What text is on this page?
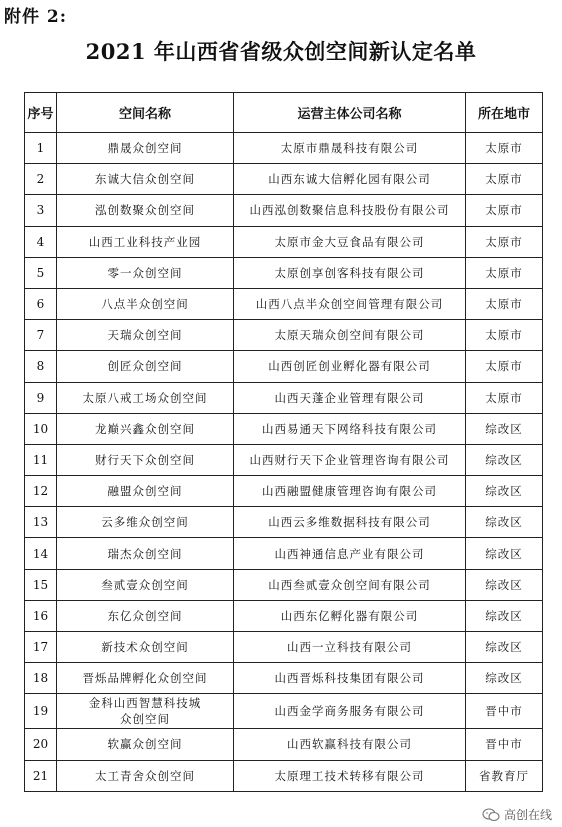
附件 2:
2021 年山西省省级众创空间新认定名单
序号	空间名称	运营主体公司名称	所在地市
1	鼎晟众创空间	太原市鼎晟科技有限公司	太原市
2	东诚大信众创空间	山西东诚大信孵化园有限公司	太原市
3	泓创数聚众创空间	山西泓创数聚信息科技股份有限公司	太原市
4	山西工业科技产业园	太原市金大豆食品有限公司	太原市
5	零一众创空间	太原创享创客科技有限公司	太原市
6	八点半众创空间	山西八点半众创空间管理有限公司	太原市
7	天瑞众创空间	太原天瑞众创空间有限公司	太原市
8	创匠众创空间	山西创匠创业孵化器有限公司	太原市
9	太原八戒工场众创空间	山西天蓬企业管理有限公司	太原市
10	龙巅兴鑫众创空间	山西易通天下网络科技有限公司	综改区
11	财行天下众创空间	山西财行天下企业管理咨询有限公司	综改区
12	融盟众创空间	山西融盟健康管理咨询有限公司	综改区
13	云多维众创空间	山西云多维数据科技有限公司	综改区
14	瑞杰众创空间	山西神通信息产业有限公司	综改区
15	叁贰壹众创空间	山西叁贰壹众创空间有限公司	综改区
16	东亿众创空间	山西东亿孵化器有限公司	综改区
17	新技术众创空间	山西一立科技有限公司	综改区
18	晋烁品牌孵化众创空间	山西晋烁科技集团有限公司	综改区
19	金科山西智慧科技城
众创空间	山西金学商务服务有限公司	晋中市
20	软赢众创空间	山西软赢科技有限公司	晋中市
21	太工青舍众创空间	太原理工技术转移有限公司	省教育厅
高创在线
